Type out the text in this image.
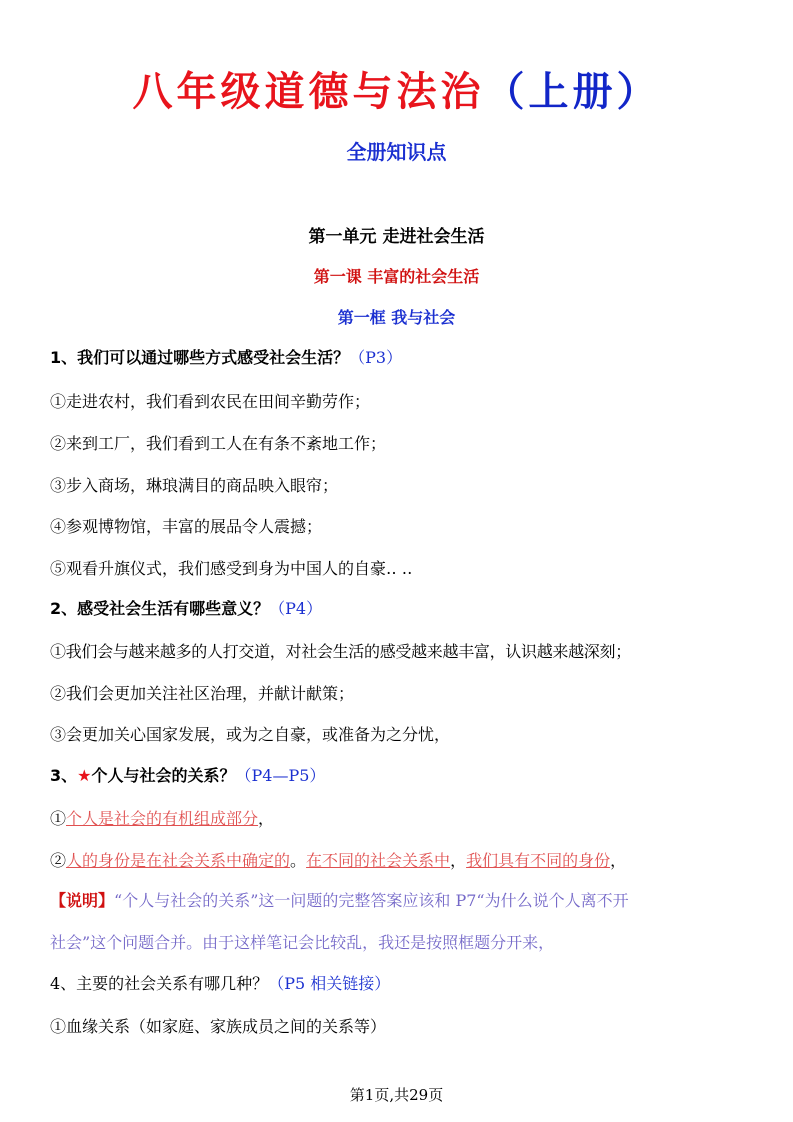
八年级道德与法治（上册）
全册知识点
第一单元 走进社会生活
第一课 丰富的社会生活
第一框 我与社会
1、我们可以通过哪些方式感受社会生活？（P3）
①走进农村，我们看到农民在田间辛勤劳作；
②来到工厂，我们看到工人在有条不紊地工作；
③步入商场，琳琅满目的商品映入眼帘；
④参观博物馆，丰富的展品令人震撼；
⑤观看升旗仪式，我们感受到身为中国人的自豪‥ ‥
2、感受社会生活有哪些意义？（P4）
①我们会与越来越多的人打交道，对社会生活的感受越来越丰富，认识越来越深刻；
②我们会更加关注社区治理，并献计献策；
③会更加关心国家发展，或为之自豪，或准备为之分忧，
3、★个人与社会的关系？（P4—P5）
①个人是社会的有机组成部分，
②人的身份是在社会关系中确定的。在不同的社会关系中，我们具有不同的身份，
【说明】“个人与社会的关系”这一问题的完整答案应该和 P7“为什么说个人离不开
社会”这个问题合并。由于这样笔记会比较乱，我还是按照框题分开来，
4、主要的社会关系有哪几种？（P5 相关链接）
①血缘关系（如家庭、家族成员之间的关系等）
第1页,共29页
